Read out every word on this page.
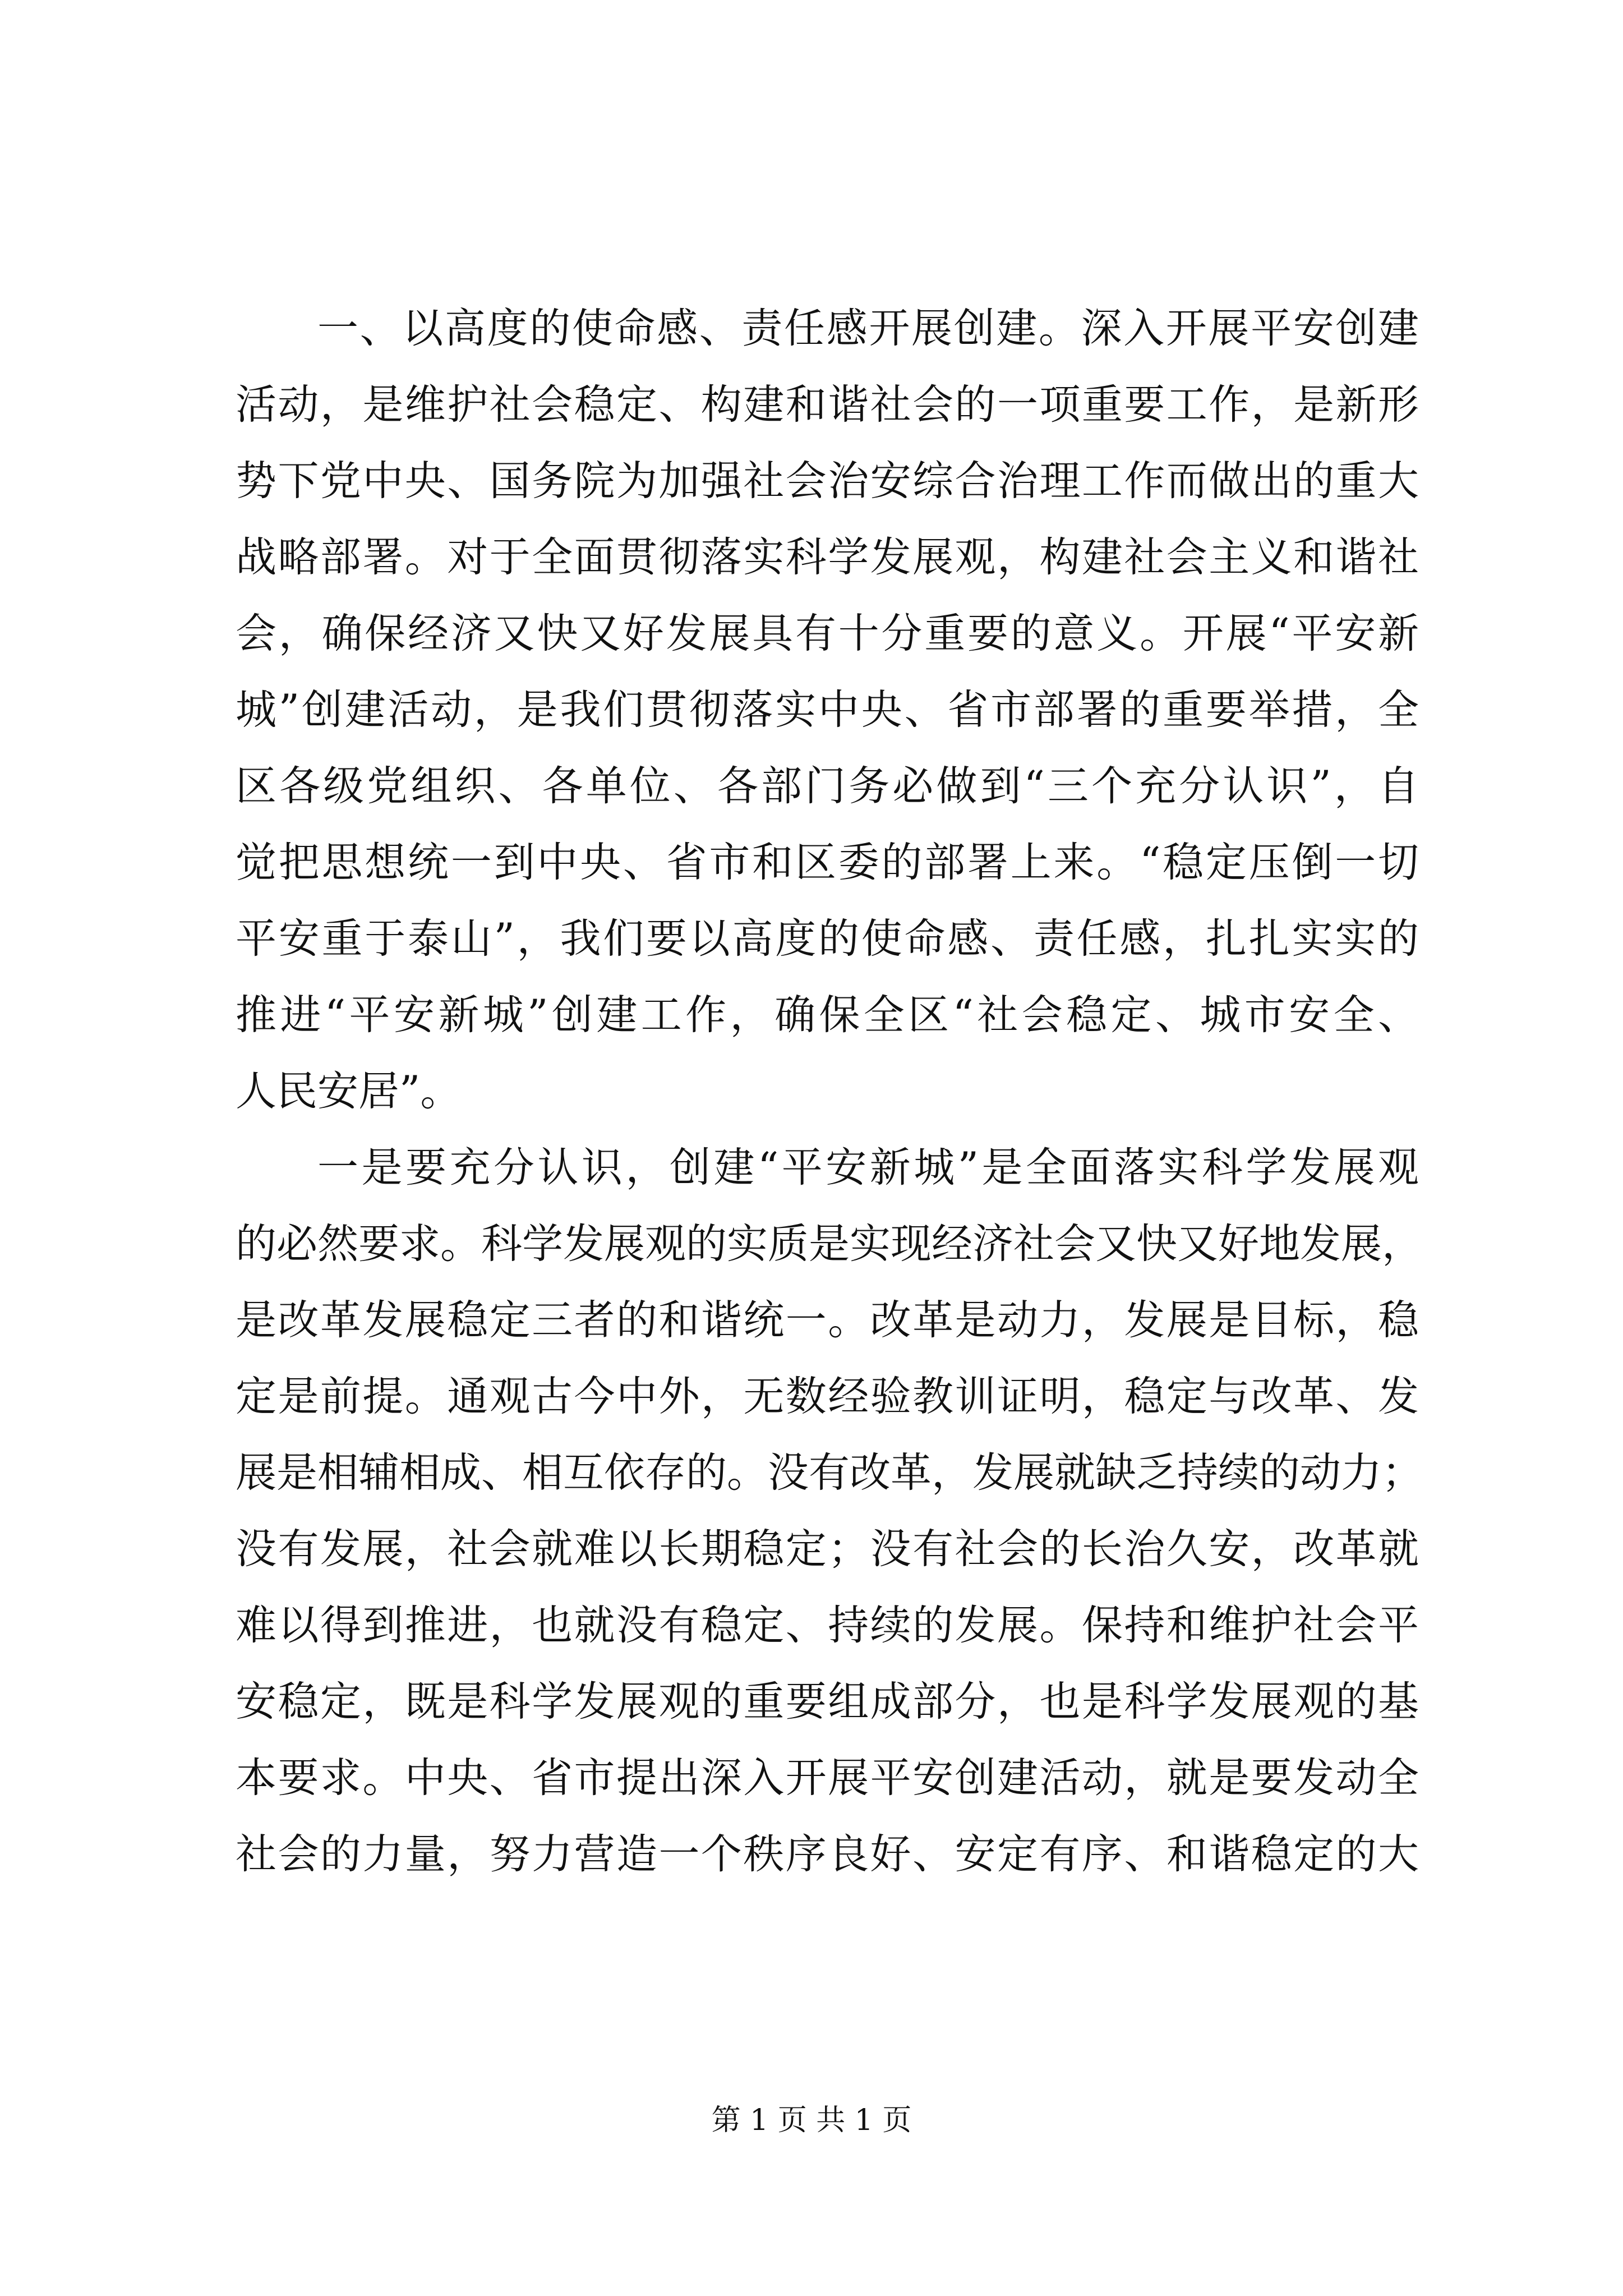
一、以高度的使命感、责任感开展创建。深入开展平安创建
活动，是维护社会稳定、构建和谐社会的一项重要工作，是新形
势下党中央、国务院为加强社会治安综合治理工作而做出的重大
战略部署。对于全面贯彻落实科学发展观，构建社会主义和谐社
会，确保经济又快又好发展具有十分重要的意义。开展“平安新
城”创建活动，是我们贯彻落实中央、省市部署的重要举措，全
区各级党组织、各单位、各部门务必做到“三个充分认识”，自
觉把思想统一到中央、省市和区委的部署上来。“稳定压倒一切
平安重于泰山”，我们要以高度的使命感、责任感，扎扎实实的
推进“平安新城”创建工作，确保全区“社会稳定、城市安全、
人民安居”。
一是要充分认识，创建“平安新城”是全面落实科学发展观
的必然要求。科学发展观的实质是实现经济社会又快又好地发展，
是改革发展稳定三者的和谐统一。改革是动力，发展是目标，稳
定是前提。通观古今中外，无数经验教训证明，稳定与改革、发
展是相辅相成、相互依存的。没有改革，发展就缺乏持续的动力；
没有发展，社会就难以长期稳定；没有社会的长治久安，改革就
难以得到推进，也就没有稳定、持续的发展。保持和维护社会平
安稳定，既是科学发展观的重要组成部分，也是科学发展观的基
本要求。中央、省市提出深入开展平安创建活动，就是要发动全
社会的力量，努力营造一个秩序良好、安定有序、和谐稳定的大
第 1 页 共 1 页
